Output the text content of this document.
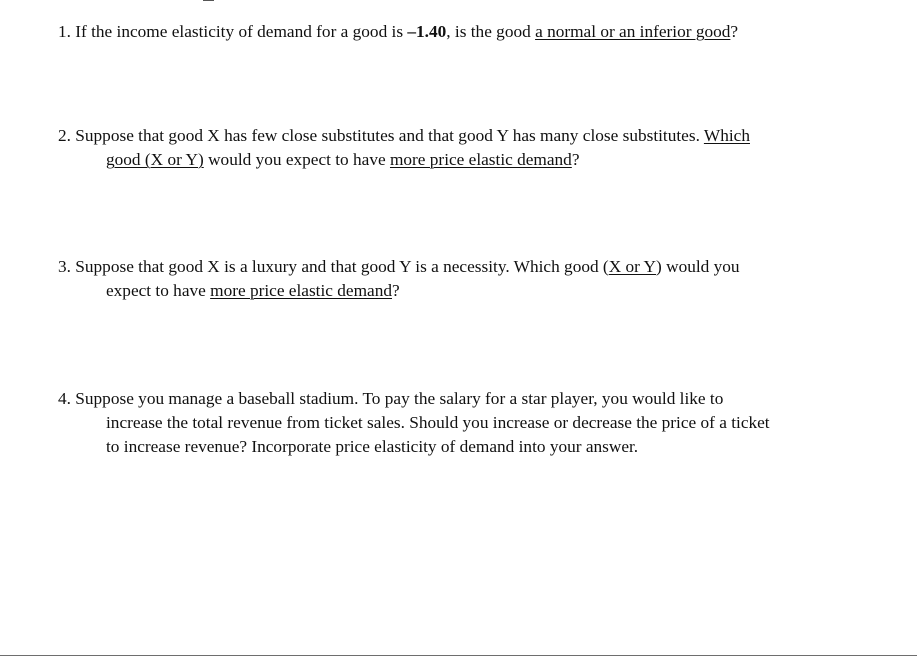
1. If the income elasticity of demand for a good is –1.40, is the good a normal or an inferior good?
2. Suppose that good X has few close substitutes and that good Y has many close substitutes. Which
good (X or Y) would you expect to have more price elastic demand?
3. Suppose that good X is a luxury and that good Y is a necessity. Which good (X or Y) would you
expect to have more price elastic demand?
4. Suppose you manage a baseball stadium. To pay the salary for a star player, you would like to
increase the total revenue from ticket sales. Should you increase or decrease the price of a ticket
to increase revenue? Incorporate price elasticity of demand into your answer.
